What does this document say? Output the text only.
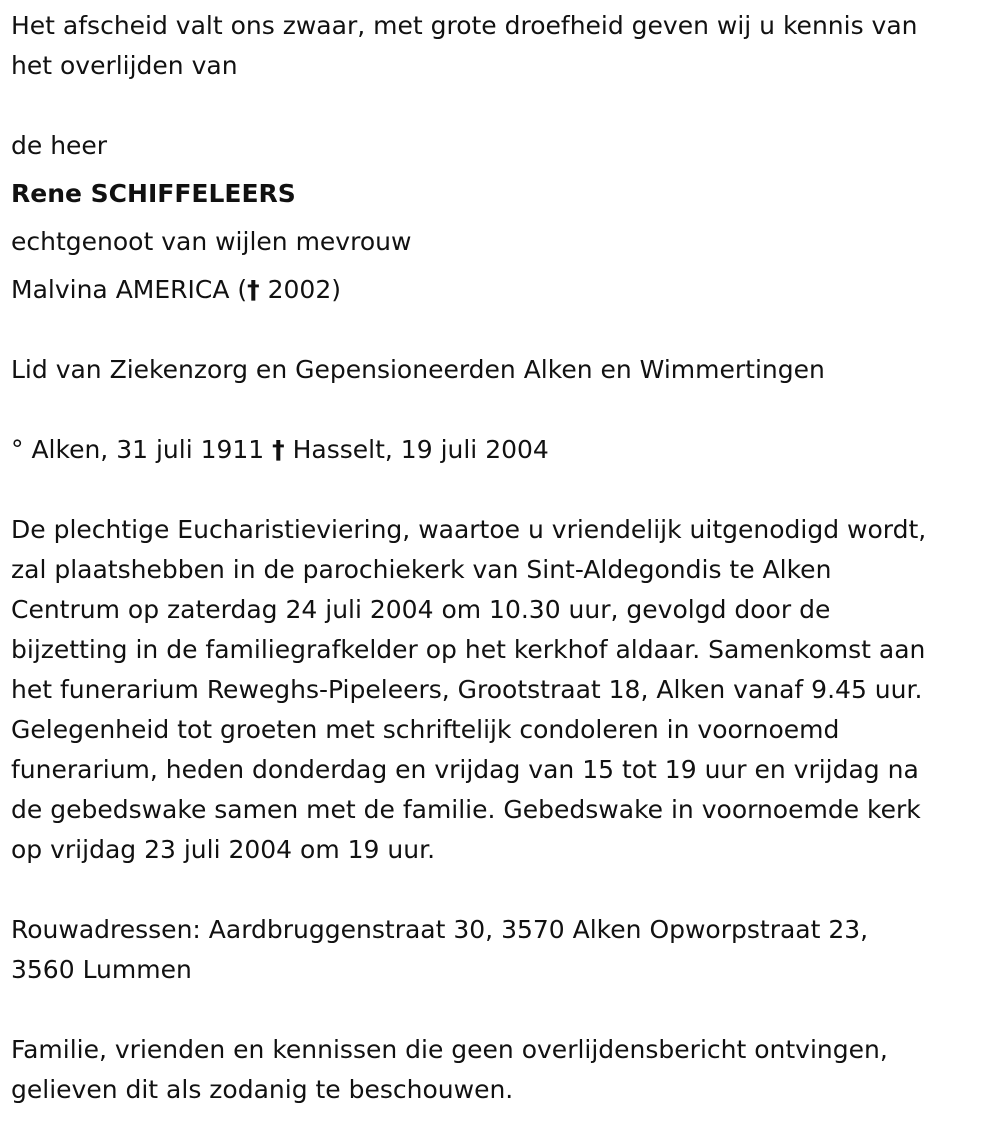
Het afscheid valt ons zwaar, met grote droefheid geven wij u kennis van
het overlijden van
de heer
Rene SCHIFFELEERS
echtgenoot van wijlen mevrouw
Malvina AMERICA († 2002)
Lid van Ziekenzorg en Gepensioneerden Alken en Wimmertingen
° Alken, 31 juli 1911 † Hasselt, 19 juli 2004
De plechtige Eucharistieviering, waartoe u vriendelijk uitgenodigd wordt,
zal plaatshebben in de parochiekerk van Sint-Aldegondis te Alken
Centrum op zaterdag 24 juli 2004 om 10.30 uur, gevolgd door de
bijzetting in de familiegrafkelder op het kerkhof aldaar. Samenkomst aan
het funerarium Reweghs-Pipeleers, Grootstraat 18, Alken vanaf 9.45 uur.
Gelegenheid tot groeten met schriftelijk condoleren in voornoemd
funerarium, heden donderdag en vrijdag van 15 tot 19 uur en vrijdag na
de gebedswake samen met de familie. Gebedswake in voornoemde kerk
op vrijdag 23 juli 2004 om 19 uur.
Rouwadressen: Aardbruggenstraat 30, 3570 Alken Opworpstraat 23,
3560 Lummen
Familie, vrienden en kennissen die geen overlijdensbericht ontvingen,
gelieven dit als zodanig te beschouwen.
